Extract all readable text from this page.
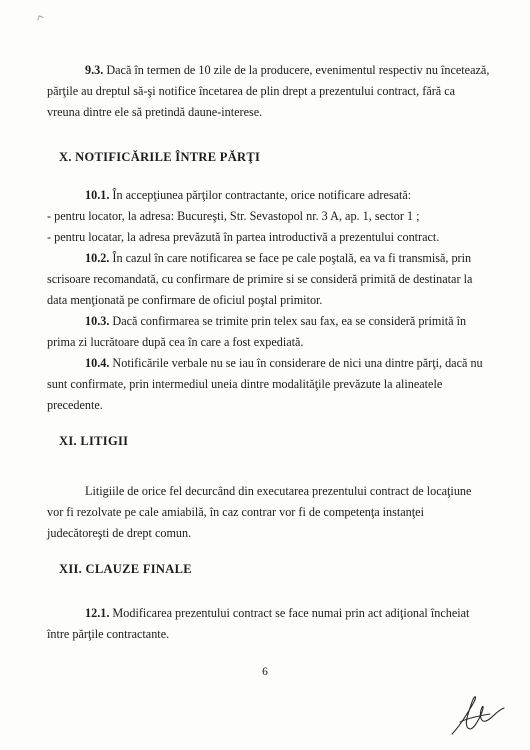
9.3. Dacă în termen de 10 zile de la producere, evenimentul respectiv nu încetează,
părţile au dreptul să-şi notifice încetarea de plin drept a prezentului contract, fără ca
vreuna dintre ele să pretindă daune-interese.
X. NOTIFICĂRILE ÎNTRE PĂRŢI
10.1. În accepţiunea părţilor contractante, orice notificare adresată:
- pentru locator, la adresa: Bucureşti, Str. Sevastopol nr. 3 A, ap. 1, sector 1 ;
- pentru locatar, la adresa prevăzută în partea introductivă a prezentului contract.
10.2. În cazul în care notificarea se face pe cale poştală, ea va fi transmisă, prin
scrisoare recomandată, cu confirmare de primire si se consideră primită de destinatar la
data menţionată pe confirmare de oficiul poştal primitor.
10.3. Dacă confirmarea se trimite prin telex sau fax, ea se consideră primită în
prima zi lucrătoare după cea în care a fost expediată.
10.4. Notificările verbale nu se iau în considerare de nici una dintre părţi, dacă nu
sunt confirmate, prin intermediul uneia dintre modalităţile prevăzute la alineatele
precedente.
XI. LITIGII
Litigiile de orice fel decurcând din executarea prezentului contract de locaţiune
vor fi rezolvate pe cale amiabilă, în caz contrar vor fi de competenţa instanţei
judecătoreşti de drept comun.
XII. CLAUZE FINALE
12.1. Modificarea prezentului contract se face numai prin act adiţional încheiat
între părţile contractante.
6
